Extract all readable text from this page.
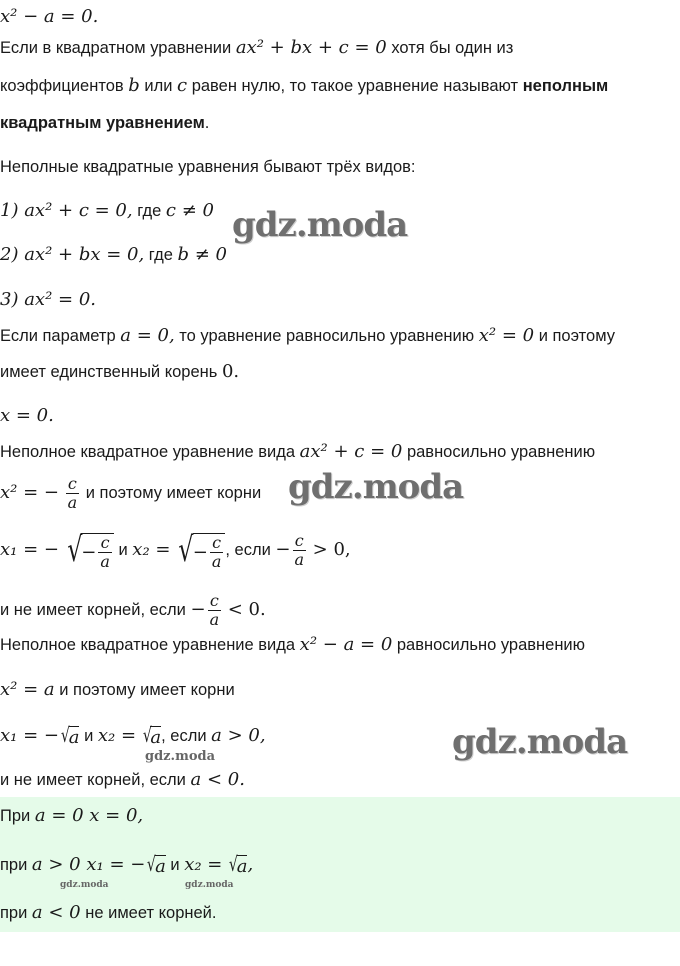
x² − a = 0.
Если в квадратном уравнении ax² + bx + c = 0 хотя бы один из
коэффициентов b или c равен нулю, то такое уравнение называют неполным
квадратным уравнением.
Неполные квадратные уравнения бывают трёх видов:
1) ax² + c = 0, где c ≠ 0
2) ax² + bx = 0, где b ≠ 0
3) ax² = 0.
Если параметр a = 0, то уравнение равносильно уравнению x² = 0 и поэтому
имеет единственный корень 0.
x = 0.
Неполное квадратное уравнение вида ax² + c = 0 равносильно уравнению
x² = − $\frac{c}{a}$ и поэтому имеет корни
x₁ = − √ − $\frac{c}{a}$ и x₂ = √ − $\frac{c}{a}$ , если − $\frac{c}{a} > 0$,
и не имеет корней, если − $\frac{c}{a} < 0$.
Неполное квадратное уравнение вида x² − a = 0 равносильно уравнению
x² = a и поэтому имеет корни
x₁ = − √
a и x₂ = √
a , если a > 0,
и не имеет корней, если a < 0.
При a = 0 x = 0,
при a > 0 x₁ = − √
a и x₂ = √
a ,
при a < 0 не имеет корней.
gdz.moda
gdz.moda
gdz.moda
gdz.moda
gdz.moda	gdz.moda
